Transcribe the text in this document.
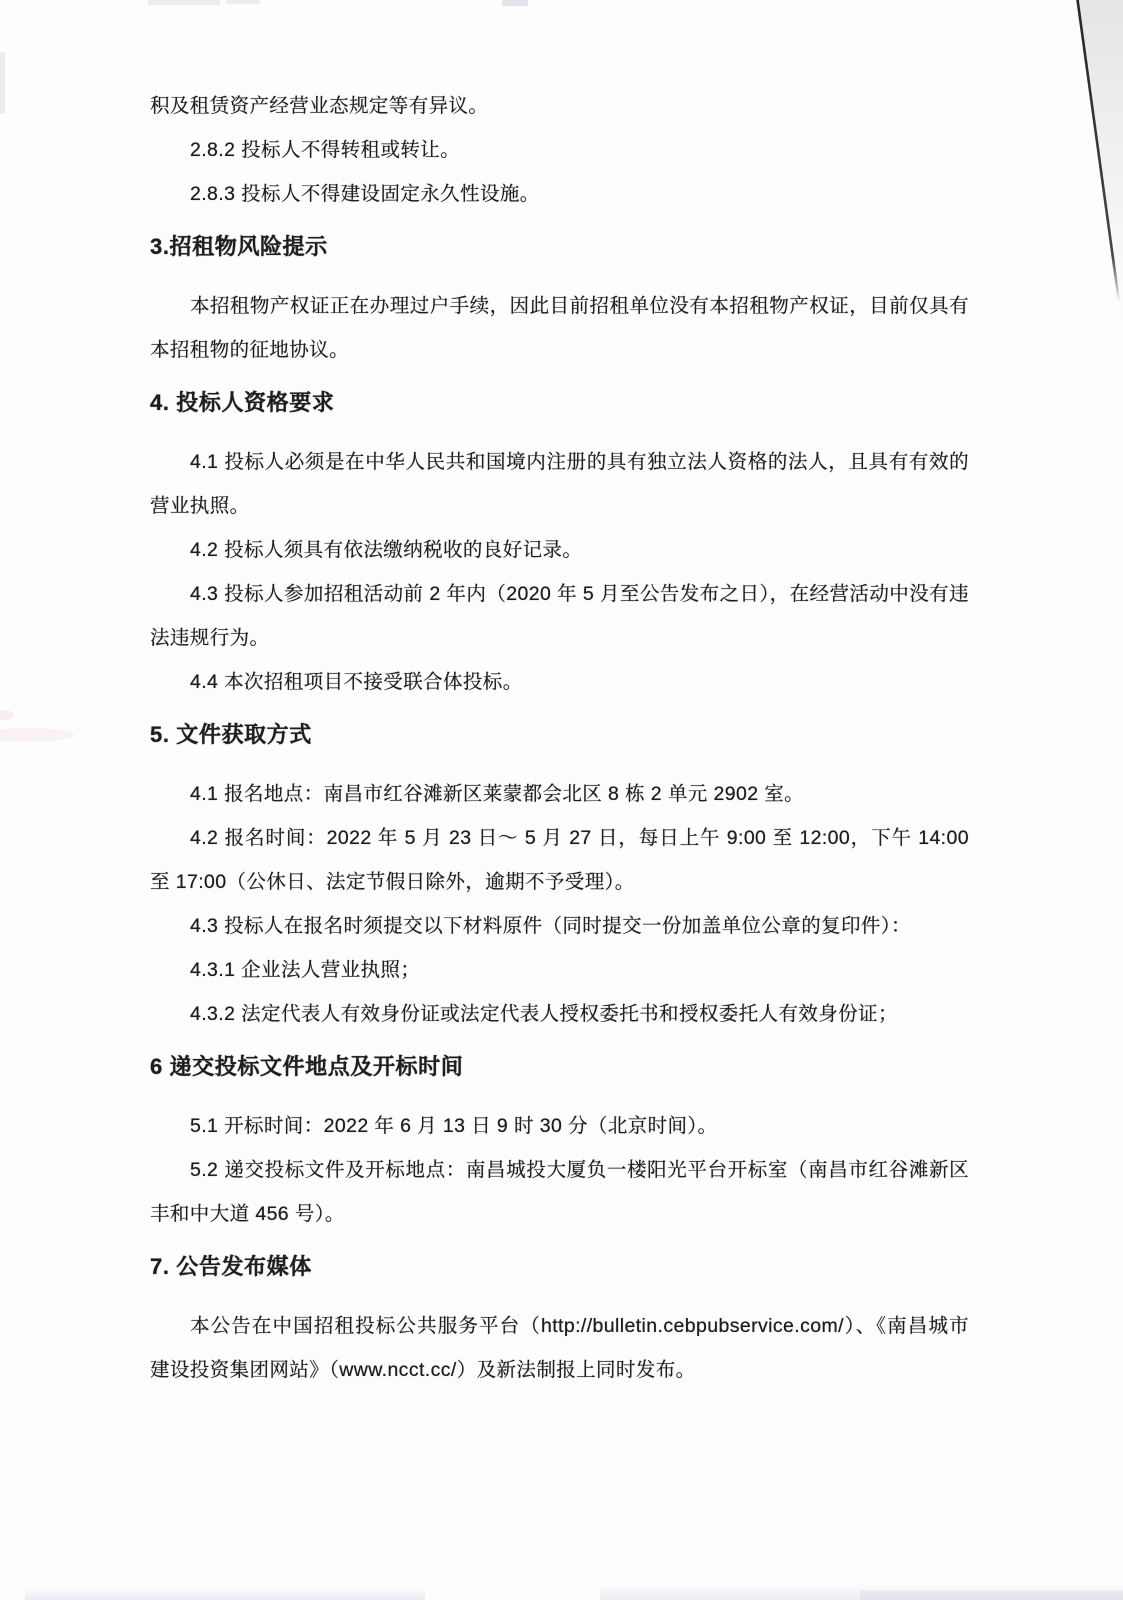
积及租赁资产经营业态规定等有异议。

2.8.2 投标人不得转租或转让。

2.8.3 投标人不得建设固定永久性设施。

3.招租物风险提示

本招租物产权证正在办理过户手续，因此目前招租单位没有本招租物产权证，目前仅具有本招租物的征地协议。

4. 投标人资格要求

4.1 投标人必须是在中华人民共和国境内注册的具有独立法人资格的法人，且具有有效的营业执照。

4.2 投标人须具有依法缴纳税收的良好记录。

4.3 投标人参加招租活动前 2 年内（2020 年 5 月至公告发布之日），在经营活动中没有违法违规行为。

4.4 本次招租项目不接受联合体投标。

5. 文件获取方式

4.1 报名地点：南昌市红谷滩新区莱蒙都会北区 8 栋 2 单元 2902 室。

4.2 报名时间：2022 年 5 月 23 日～ 5 月 27 日，每日上午 9:00 至 12:00，下午 14:00 至 17:00（公休日、法定节假日除外，逾期不予受理）。

4.3 投标人在报名时须提交以下材料原件（同时提交一份加盖单位公章的复印件）：

4.3.1 企业法人营业执照；

4.3.2 法定代表人有效身份证或法定代表人授权委托书和授权委托人有效身份证；

6 递交投标文件地点及开标时间

5.1 开标时间：2022 年 6 月 13 日 9 时 30 分（北京时间）。

5.2 递交投标文件及开标地点：南昌城投大厦负一楼阳光平台开标室（南昌市红谷滩新区丰和中大道 456 号）。

7. 公告发布媒体

本公告在中国招租投标公共服务平台（http://bulletin.cebpubservice.com/）、《南昌城市建设投资集团网站》（www.ncct.cc/）及新法制报上同时发布。
